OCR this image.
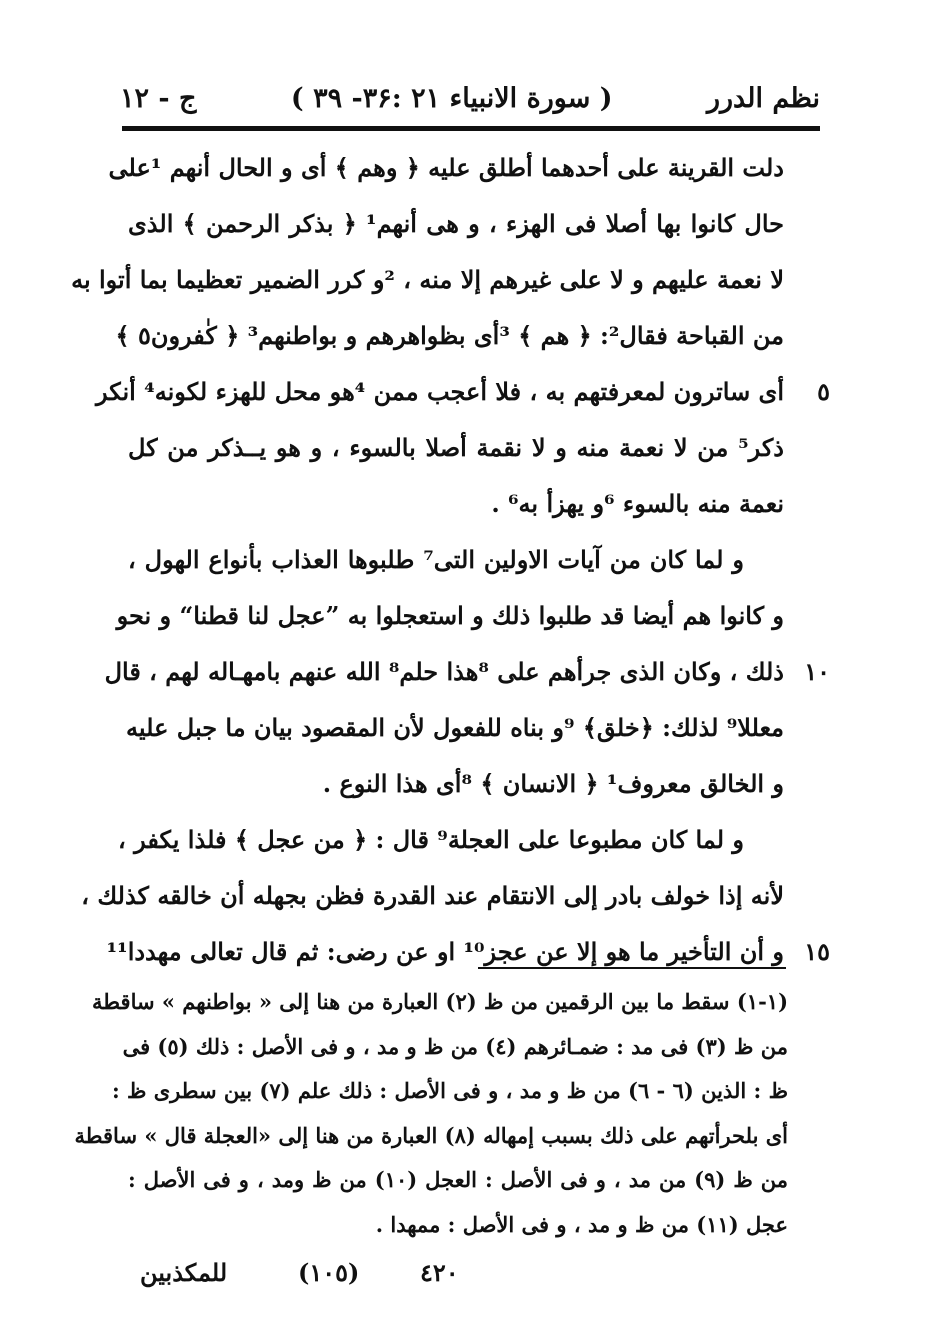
نظم الدرر
( سورة الانبياء ۲۱ :۳۶- ۳۹ )
ج - ۱۲
دلت القرينة على أحدهما أطلق عليه ﴿ وهم ﴾ أى و الحال أنهم ¹على
حال كانوا بها أصلا فى الهزء ، و هى أنهم¹ ﴿ بذكر الرحمن ﴾ الذى
لا نعمة عليهم و لا على غيرهم إلا منه ، ²و كرر الضمير تعظيما بما أتوا به
من القباحة فقال²: ﴿ هم ﴾ ³أى بظواهرهم و بواطنهم³ ﴿ كٰفرون٥ ﴾
٥
أى ساترون لمعرفتهم به ، فلا أعجب ممن ⁴هو محل للهزء لكونه⁴ أنكر
ذكر⁵ من لا نعمة منه و لا نقمة أصلا بالسوء ، و هو يــذكر من كل
نعمة منه بالسوء ⁶و يهزأ به⁶ .
و لما كان من آيات الاولين التى⁷ طلبوها العذاب بأنواع الهول ،
و كانوا هم أيضا قد طلبوا ذلك و استعجلوا به ”عجل لنا قطنا“ و نحو
١٠
ذلك ، وكان الذى جرأهم على ⁸هذا حلم⁸ الله عنهم بامهـاله لهم ، قال
معللا⁹ لذلك: ﴿خلق﴾ ⁹و بناه للفعول لأن المقصود بيان ما جبل عليه
و الخالق معروف¹ ﴿ الانسان ﴾ ⁸أى هذا النوع .
و لما كان مطبوعا على العجلة⁹ قال : ﴿ من عجل ﴾ فلذا يكفر ،
لأنه إذا خولف بادر إلى الانتقام عند القدرة فظن بجهله أن خالقه كذلك ،
١٥
و أن التأخير ما هو إلا عن عجز¹⁰ او عن رضى: ثم قال تعالى مهددا¹¹
(١-١) سقط ما بين الرقمين من ظ (٢) العبارة من هنا إلى « بواطنهم » ساقطة
من ظ (٣) فى مد : ضمـائرهم (٤) من ظ و مد ، و فى الأصل : ذلك (٥) فى
ظ : الذين (٦ - ٦) من ظ و مد ، و فى الأصل : ذلك علم (٧) بين سطرى ظ :
أى بلحرأتهم على ذلك بسبب إمهاله (٨) العبارة من هنا إلى «العجلة قال » ساقطة
من ظ (٩) من مد ، و فى الأصل : العجل (١٠) من ظ ومد ، و فى الأصل :
عجل (١١) من ظ و مد ، و فى الأصل : ممهدا .
٤٢٠
(١٠٥)
للمكذبين
